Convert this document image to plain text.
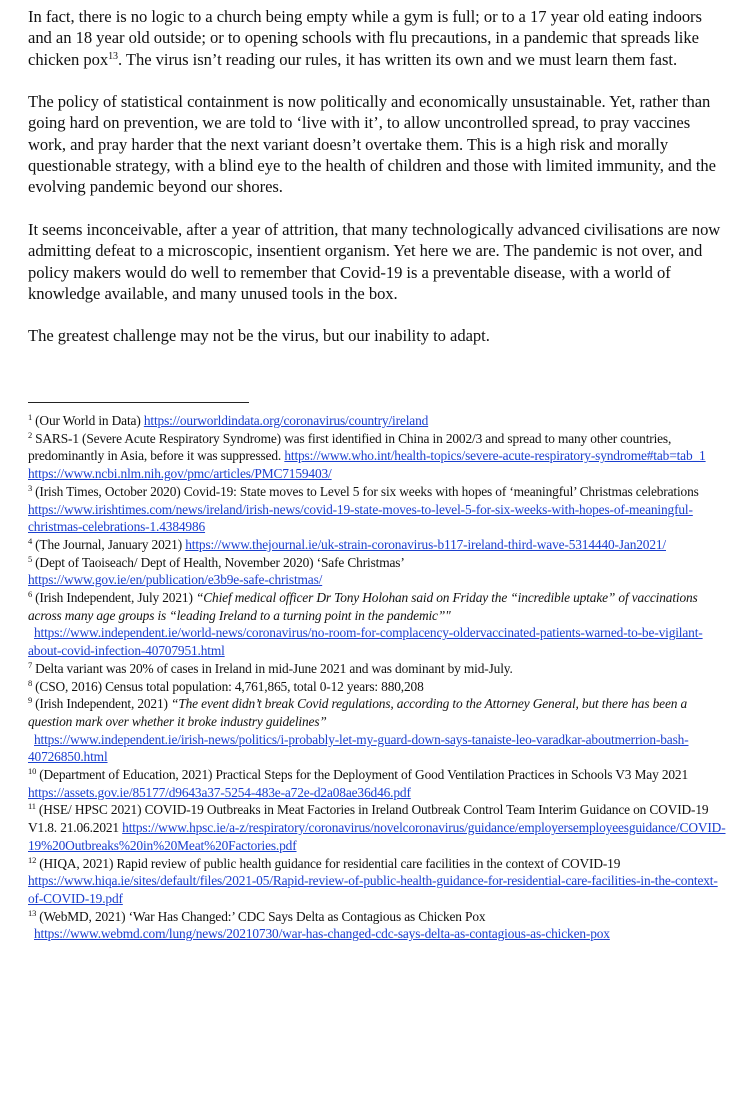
In fact, there is no logic to a church being empty while a gym is full; or to a 17 year old eating indoors and an 18 year old outside; or to opening schools with flu precautions, in a pandemic that spreads like chicken pox$^{13}$. The virus isn’t reading our rules, it has written its own and we must learn them fast.

The policy of statistical containment is now politically and economically unsustainable. Yet, rather than going hard on prevention, we are told to ‘live with it’, to allow uncontrolled spread, to pray vaccines work, and pray harder that the next variant doesn’t overtake them. This is a high risk and morally questionable strategy, with a blind eye to the health of children and those with limited immunity, and the evolving pandemic beyond our shores.

It seems inconceivable, after a year of attrition, that many technologically advanced civilisations are now admitting defeat to a microscopic, insentient organism. Yet here we are. The pandemic is not over, and policy makers would do well to remember that Covid-19 is a preventable disease, with a world of knowledge available, and many unused tools in the box.

The greatest challenge may not be the virus, but our inability to adapt.

$^1$ (Our World in Data) https://ourworldindata.org/coronavirus/country/ireland
$^2$ SARS-1 (Severe Acute Respiratory Syndrome) was first identified in China in 2002/3 and spread to many other countries, predominantly in Asia, before it was suppressed. https://www.who.int/health-topics/severe-acute-respiratory-syndrome#tab=tab_1 https://www.ncbi.nlm.nih.gov/pmc/articles/PMC7159403/
$^3$ (Irish Times, October 2020) Covid-19: State moves to Level 5 for six weeks with hopes of ‘meaningful’ Christmas celebrations https://www.irishtimes.com/news/ireland/irish-news/covid-19-state-moves-to-level-5-for-six-weeks-with-hopes-of-meaningful-christmas-celebrations-1.4384986
$^4$ (The Journal, January 2021) https://www.thejournal.ie/uk-strain-coronavirus-b117-ireland-third-wave-5314440-Jan2021/
$^5$ (Dept of Taoiseach/ Dept of Health, November 2020) ‘Safe Christmas’
https://www.gov.ie/en/publication/e3b9e-safe-christmas/
$^6$ (Irish Independent, July 2021) “Chief medical officer Dr Tony Holohan said on Friday the “incredible uptake” of vaccinations across many age groups is “leading Ireland to a turning point in the pandemic”"
https://www.independent.ie/world-news/coronavirus/no-room-for-complacency-oldervaccinated-patients-warned-to-be-vigilant-about-covid-infection-40707951.html
$^7$ Delta variant was 20% of cases in Ireland in mid-June 2021 and was dominant by mid-July.
$^8$ (CSO, 2016) Census total population: 4,761,865, total 0-12 years: 880,208
$^9$ (Irish Independent, 2021) “The event didn’t break Covid regulations, according to the Attorney General, but there has been a question mark over whether it broke industry guidelines”
https://www.independent.ie/irish-news/politics/i-probably-let-my-guard-down-says-tanaiste-leo-varadkar-aboutmerrion-bash-40726850.html
$^{10}$ (Department of Education, 2021) Practical Steps for the Deployment of Good Ventilation Practices in Schools V3 May 2021 https://assets.gov.ie/85177/d9643a37-5254-483e-a72e-d2a08ae36d46.pdf
$^{11}$ (HSE/ HPSC 2021) COVID-19 Outbreaks in Meat Factories in Ireland Outbreak Control Team Interim Guidance on COVID-19 V1.8. 21.06.2021 https://www.hpsc.ie/a-z/respiratory/coronavirus/novelcoronavirus/guidance/employersemployeesguidance/COVID-19%20Outbreaks%20in%20Meat%20Factories.pdf
$^{12}$ (HIQA, 2021) Rapid review of public health guidance for residential care facilities in the context of COVID-19 https://www.hiqa.ie/sites/default/files/2021-05/Rapid-review-of-public-health-guidance-for-residential-care-facilities-in-the-context-of-COVID-19.pdf
$^{13}$ (WebMD, 2021) ‘War Has Changed:’ CDC Says Delta as Contagious as Chicken Pox
https://www.webmd.com/lung/news/20210730/war-has-changed-cdc-says-delta-as-contagious-as-chicken-pox
